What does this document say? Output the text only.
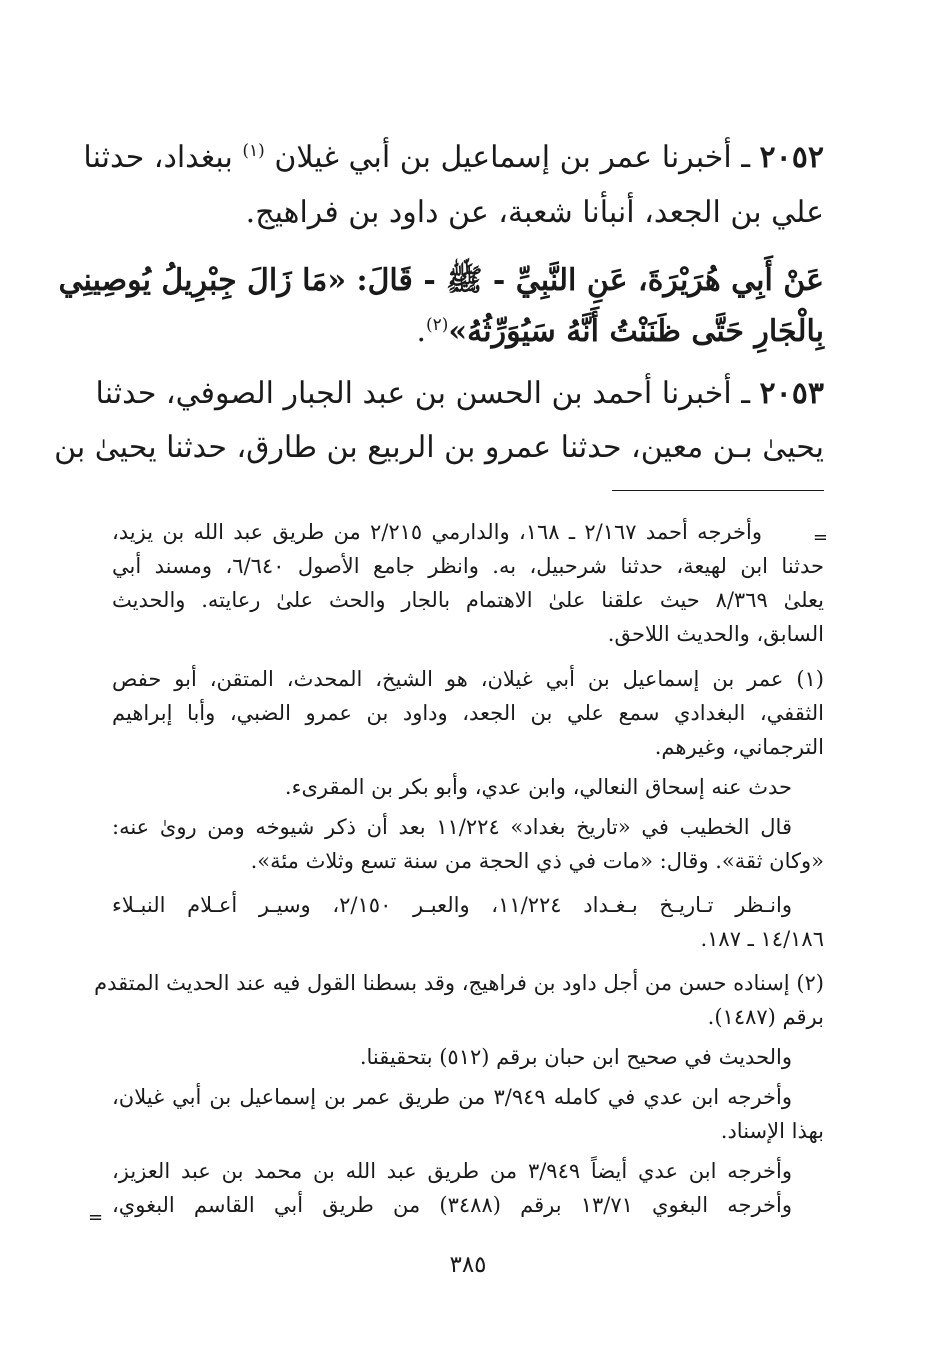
٢٠٥٢ ـ أخبرنا عمر بن إسماعيل بن أبي غيلان $^{(١)}$ ببغداد، حدثنا
علي بن الجعد، أنبأنا شعبة، عن داود بن فراهيج.
عَنْ أَبِي هُرَيْرَةَ، عَنِ النَّبِيِّ - ﷺ - قَالَ: «مَا زَالَ جِبْرِيلُ يُوصِينِي
بِالْجَارِ حَتَّى ظَنَنْتُ أَنَّهُ سَيُوَرِّثُهُ»$^{(٢)}$.
٢٠٥٣ ـ أخبرنا أحمد بن الحسن بن عبد الجبار الصوفي، حدثنا
يحيىٰ بـن معين، حدثنا عمرو بن الربيع بن طارق، حدثنا يحيىٰ بن
=
وأخرجه أحمد ٢/١٦٧ ـ ١٦٨، والدارمي ٢/٢١٥ من طريق عبد الله بن يزيد،
حدثنا ابن لهيعة، حدثنا شرحبيل، به. وانظر جامع الأصول ٦/٦٤٠، ومسند أبي
يعلىٰ ٨/٣٦٩ حيث علقنا علىٰ الاهتمام بالجار والحث علىٰ رعايته. والحديث
السابق، والحديث اللاحق.
(١) عمر بن إسماعيل بن أبي غيلان، هو الشيخ، المحدث، المتقن، أبو حفص
الثقفي، البغدادي سمع علي بن الجعد، وداود بن عمرو الضبي، وأبا إبراهيم
الترجماني، وغيرهم.
حدث عنه إسحاق النعالي، وابن عدي، وأبو بكر بن المقرىء.
قال الخطيب في «تاريخ بغداد» ١١/٢٢٤ بعد أن ذكر شيوخه ومن روىٰ عنه:
«وكان ثقة». وقال: «مات في ذي الحجة من سنة تسع وثلاث مئة».
وانـظر تـاريـخ بـغـداد ١١/٢٢٤، والعبـر ٢/١٥٠، وسيـر أعـلام النبـلاء
١٤/١٨٦ ـ ١٨٧.
(٢) إسناده حسن من أجل داود بن فراهيج، وقد بسطنا القول فيه عند الحديث المتقدم
برقم (١٤٨٧).
والحديث في صحيح ابن حبان برقم (٥١٢) بتحقيقنا.
وأخرجه ابن عدي في كامله ٣/٩٤٩ من طريق عمر بن إسماعيل بن أبي غيلان،
بهذا الإسناد.
وأخرجه ابن عدي أيضاً ٣/٩٤٩ من طريق عبد الله بن محمد بن عبد العزيز،
وأخرجه البغوي ١٣/٧١ برقم (٣٤٨٨) من طريق أبي القاسم البغوي،
=
٣٨٥
